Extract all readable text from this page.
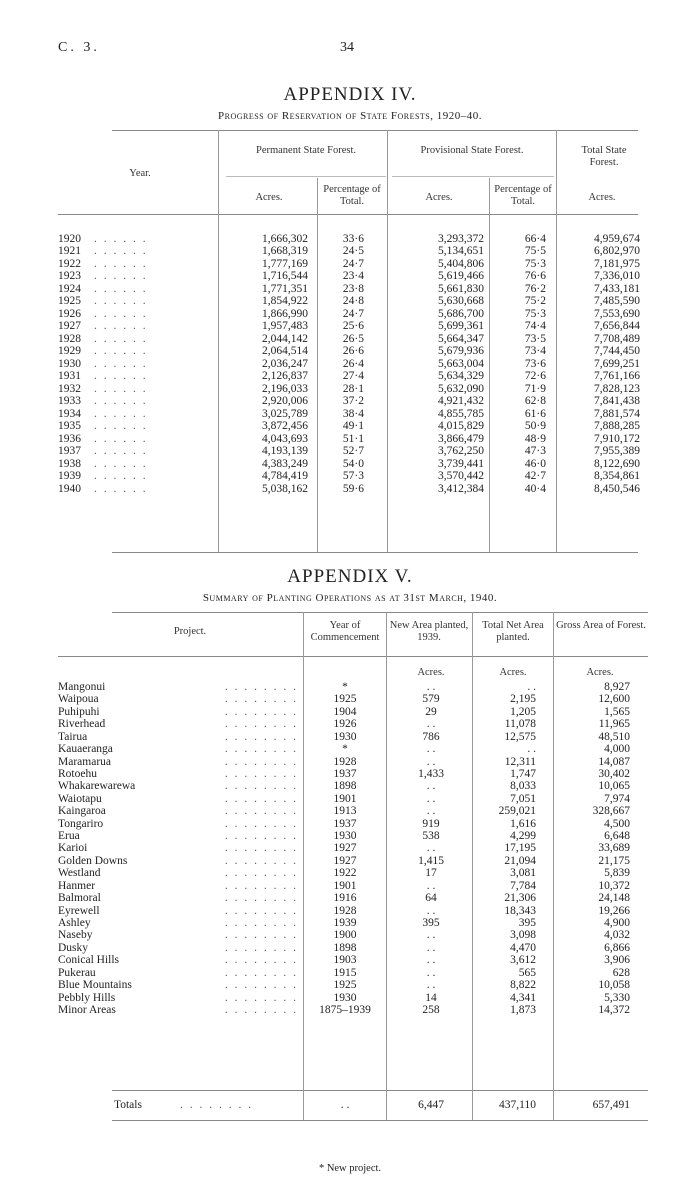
C. 3.	34
APPENDIX IV.
Progress of Reservation of State Forests, 1920–40.
Year.
Permanent State Forest.	Provisional State Forest.	Total State Forest.
Acres.
Percentage of Total.	Acres.
Percentage of Total.	Acres.
1920 . . . . . .	1,666,302	33·6	3,293,372	66·4	4,959,674
1921 . . . . . .	1,668,319	24·5	5,134,651	75·5	6,802,970
1922 . . . . . .	1,777,169	24·7	5,404,806	75·3	7,181,975
1923 . . . . . .	1,716,544	23·4	5,619,466	76·6	7,336,010
1924 . . . . . .	1,771,351	23·8	5,661,830	76·2	7,433,181
1925 . . . . . .	1,854,922	24·8	5,630,668	75·2	7,485,590
1926 . . . . . .	1,866,990	24·7	5,686,700	75·3	7,553,690
1927 . . . . . .	1,957,483	25·6	5,699,361	74·4	7,656,844
1928 . . . . . .	2,044,142	26·5	5,664,347	73·5	7,708,489
1929 . . . . . .	2,064,514	26·6	5,679,936	73·4	7,744,450
1930 . . . . . .	2,036,247	26·4	5,663,004	73·6	7,699,251
1931 . . . . . .	2,126,837	27·4	5,634,329	72·6	7,761,166
1932 . . . . . .	2,196,033	28·1	5,632,090	71·9	7,828,123
1933 . . . . . .	2,920,006	37·2	4,921,432	62·8	7,841,438
1934 . . . . . .	3,025,789	38·4	4,855,785	61·6	7,881,574
1935 . . . . . .	3,872,456	49·1	4,015,829	50·9	7,888,285
1936 . . . . . .	4,043,693	51·1	3,866,479	48·9	7,910,172
1937 . . . . . .	4,193,139	52·7	3,762,250	47·3	7,955,389
1938 . . . . . .	4,383,249	54·0	3,739,441	46·0	8,122,690
1939 . . . . . .	4,784,419	57·3	3,570,442	42·7	8,354,861
1940 . . . . . .	5,038,162	59·6	3,412,384	40·4	8,450,546
APPENDIX V.
Summary of Planting Operations as at 31st March, 1940.
Project.
Year of Commencement
New Area planted, 1939.
Total Net Area planted.
Gross Area of Forest.
Acres.	Acres.	Acres.
. . . . . . . .
Mangonui	*	. .	. .	8,927
. . . . . . . .
Waipoua	1925	579	2,195	12,600
. . . . . . . .
Puhipuhi	1904	29	1,205	1,565
. . . . . . . .
Riverhead	1926	. .	11,078	11,965
. . . . . . . .
Tairua	1930	786	12,575	48,510
. . . . . . . .
Kauaeranga	*	. .	. .	4,000
. . . . . . . .
Maramarua	1928	. .	12,311	14,087
. . . . . . . .
Rotoehu	1937	1,433	1,747	30,402
. . . . . . . .
Whakarewarewa	1898	. .	8,033	10,065
. . . . . . . .
Waiotapu	1901	. .	7,051	7,974
. . . . . . . .
Kaingaroa	1913	. .	259,021	328,667
. . . . . . . .
Tongariro	1937	919	1,616	4,500
. . . . . . . .
Erua	1930	538	4,299	6,648
. . . . . . . .
Karioi	1927	. .	17,195	33,689
. . . . . . . .
Golden Downs	1927	1,415	21,094	21,175
. . . . . . . .
Westland	1922	17	3,081	5,839
. . . . . . . .
Hanmer	1901	. .	7,784	10,372
. . . . . . . .
Balmoral	1916	64	21,306	24,148
. . . . . . . .
Eyrewell	1928	. .	18,343	19,266
. . . . . . . .
Ashley	1939	395	395	4,900
. . . . . . . .
Naseby	1900	. .	3,098	4,032
. . . . . . . .
Dusky	1898	. .	4,470	6,866
. . . . . . . .
Conical Hills	1903	. .	3,612	3,906
. . . . . . . .
Pukerau	1915	. .	565	628
. . . . . . . .
Blue Mountains	1925	. .	8,822	10,058
. . . . . . . .
Pebbly Hills	1930	14	4,341	5,330
. . . . . . . .
Minor Areas	1875–1939	258	1,873	14,372
Totals	. . . . . . . .	. .	6,447	437,110	657,491
* New project.
